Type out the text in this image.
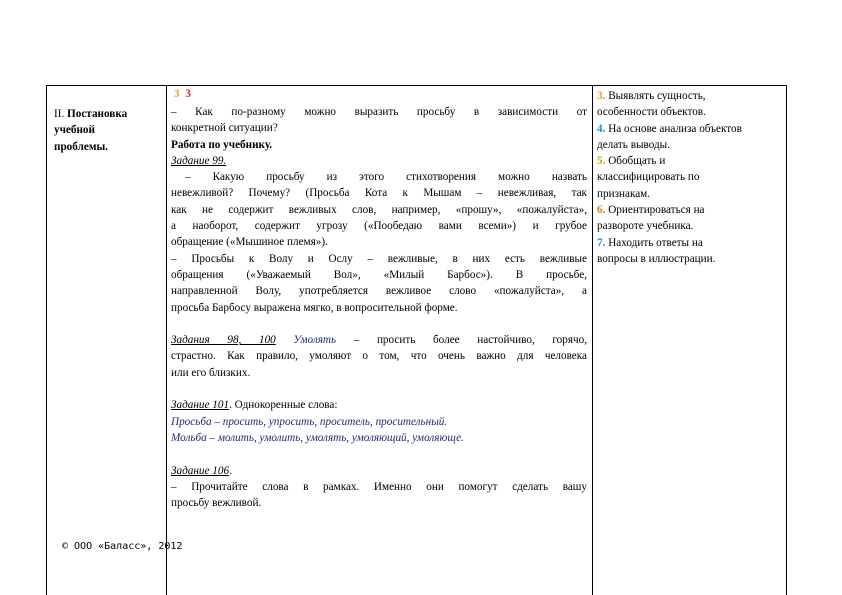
II. Постановка
учебной
проблемы.
3 3
– Как по-разному можно выразить просьбу в зависимости от
конкретной ситуации?
Работа по учебнику.
Задание 99.
– Какую просьбу из этого стихотворения можно назвать
невежливой? Почему? (Просьба Кота к Мышам – невежливая, так
как не содержит вежливых слов, например, «прошу», «пожалуйста»,
а наоборот, содержит угрозу («Пообедаю вами всеми») и грубое
обращение («Мышиное племя»).
– Просьбы к Волу и Ослу – вежливые, в них есть вежливые
обращения («Уважаемый Вол», «Милый Барбос»). В просьбе,
направленной Волу, употребляется вежливое слово «пожалуйста», а
просьба Барбосу выражена мягко, в вопросительной форме.
Задания 98, 100 Умолять – просить более настойчиво, горячо,
страстно. Как правило, умоляют о том, что очень важно для человека
или его близких.
Задание 101. Однокоренные слова:
Просьба – просить, упросить, проситель, просительный.
Мольба – молить, умолить, умолять, умоляющий, умоляюще.
Задание 106.
– Прочитайте слова в рамках. Именно они помогут сделать вашу
просьбу вежливой.
3. Выявлять сущность,
особенности объектов.
4. На основе анализа объектов
делать выводы.
5. Обобщать и
классифицировать по
признакам.
6. Ориентироваться на
развороте учебника.
7. Находить ответы на
вопросы в иллюстрации.
© ООО «Баласс», 2012
